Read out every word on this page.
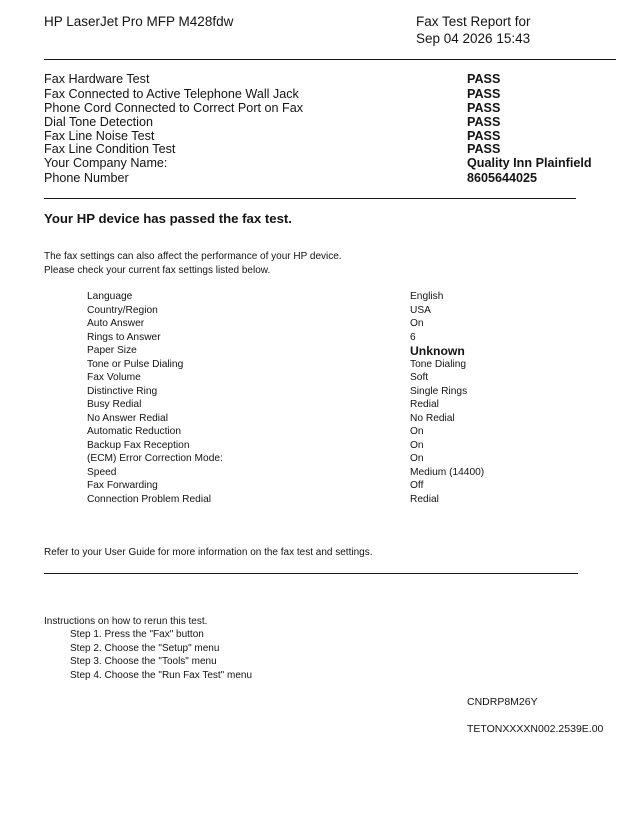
HP LaserJet Pro MFP M428fdw	Fax Test Report for
Sep 04 2026 15:43
Fax Hardware Test	PASS
Fax Connected to Active Telephone Wall Jack	PASS
Phone Cord Connected to Correct Port on Fax	PASS
Dial Tone Detection	PASS
Fax Line Noise Test	PASS
Fax Line Condition Test	PASS
Your Company Name:	Quality Inn Plainfield
Phone Number	8605644025
Your HP device has passed the fax test.
The fax settings can also affect the performance of your HP device.
Please check your current fax settings listed below.
Language	English
Country/Region	USA
Auto Answer	On
Rings to Answer	6
Paper Size	Unknown
Tone or Pulse Dialing	Tone Dialing
Fax Volume	Soft
Distinctive Ring	Single Rings
Busy Redial	Redial
No Answer Redial	No Redial
Automatic Reduction	On
Backup Fax Reception	On
(ECM) Error Correction Mode:	On
Speed	Medium (14400)
Fax Forwarding	Off
Connection Problem Redial	Redial
Refer to your User Guide for more information on the fax test and settings.
Instructions on how to rerun this test.
Step 1. Press the "Fax" button
Step 2. Choose the "Setup" menu
Step 3. Choose the "Tools" menu
Step 4. Choose the "Run Fax Test" menu
CNDRP8M26Y
TETONXXXXN002.2539E.00
